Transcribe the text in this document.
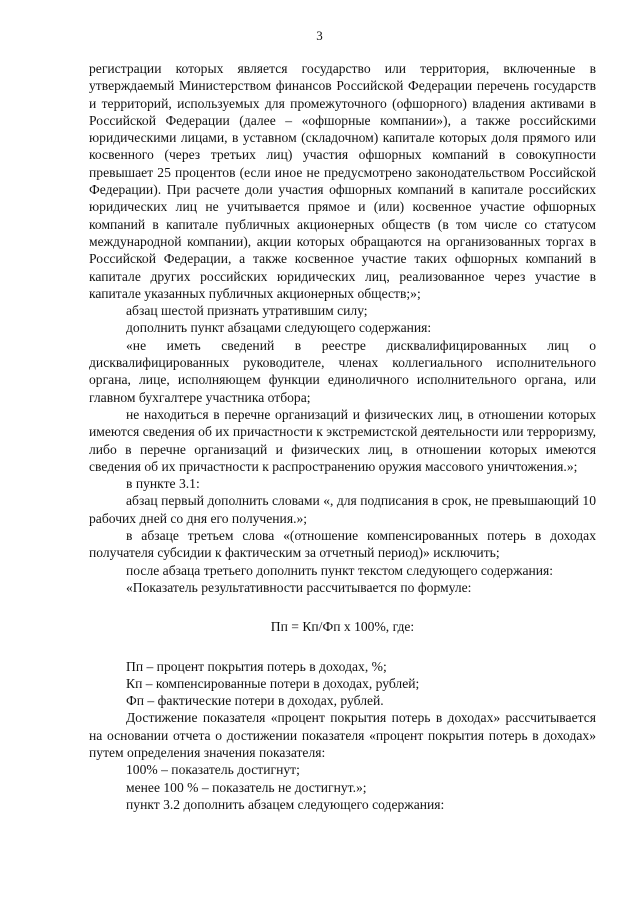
3

регистрации которых является государство или территория, включенные в утверждаемый Министерством финансов Российской Федерации перечень государств и территорий, используемых для промежуточного (офшорного) владения активами в Российской Федерации (далее – «офшорные компании»), а также российскими юридическими лицами, в уставном (складочном) капитале которых доля прямого или косвенного (через третьих лиц) участия офшорных компаний в совокупности превышает 25 процентов (если иное не предусмотрено законодательством Российской Федерации). При расчете доли участия офшорных компаний в капитале российских юридических лиц не учитывается прямое и (или) косвенное участие офшорных компаний в капитале публичных акционерных обществ (в том числе со статусом международной компании), акции которых обращаются на организованных торгах в Российской Федерации, а также косвенное участие таких офшорных компаний в капитале других российских юридических лиц, реализованное через участие в капитале указанных публичных акционерных обществ;»;

абзац шестой признать утратившим силу;

дополнить пункт абзацами следующего содержания:

«не иметь сведений в реестре дисквалифицированных лиц о дисквалифицированных руководителе, членах коллегиального исполнительного органа, лице, исполняющем функции единоличного исполнительного органа, или главном бухгалтере участника отбора;

не находиться в перечне организаций и физических лиц, в отношении которых имеются сведения об их причастности к экстремистской деятельности или терроризму, либо в перечне организаций и физических лиц, в отношении которых имеются сведения об их причастности к распространению оружия массового уничтожения.»;

в пункте 3.1:

абзац первый дополнить словами «, для подписания в срок, не превышающий 10 рабочих дней со дня его получения.»;

в абзаце третьем слова «(отношение компенсированных потерь в доходах получателя субсидии к фактическим за отчетный период)» исключить;

после абзаца третьего дополнить пункт текстом следующего содержания:

«Показатель результативности рассчитывается по формуле:

Пп = Кп/Фп х 100%, где:

Пп – процент покрытия потерь в доходах, %;

Кп – компенсированные потери в доходах, рублей;

Фп – фактические потери в доходах, рублей.

Достижение показателя «процент покрытия потерь в доходах» рассчитывается на основании отчета о достижении показателя «процент покрытия потерь в доходах» путем определения значения показателя:

100% – показатель достигнут;

менее 100 % – показатель не достигнут.»;

пункт 3.2 дополнить абзацем следующего содержания:
